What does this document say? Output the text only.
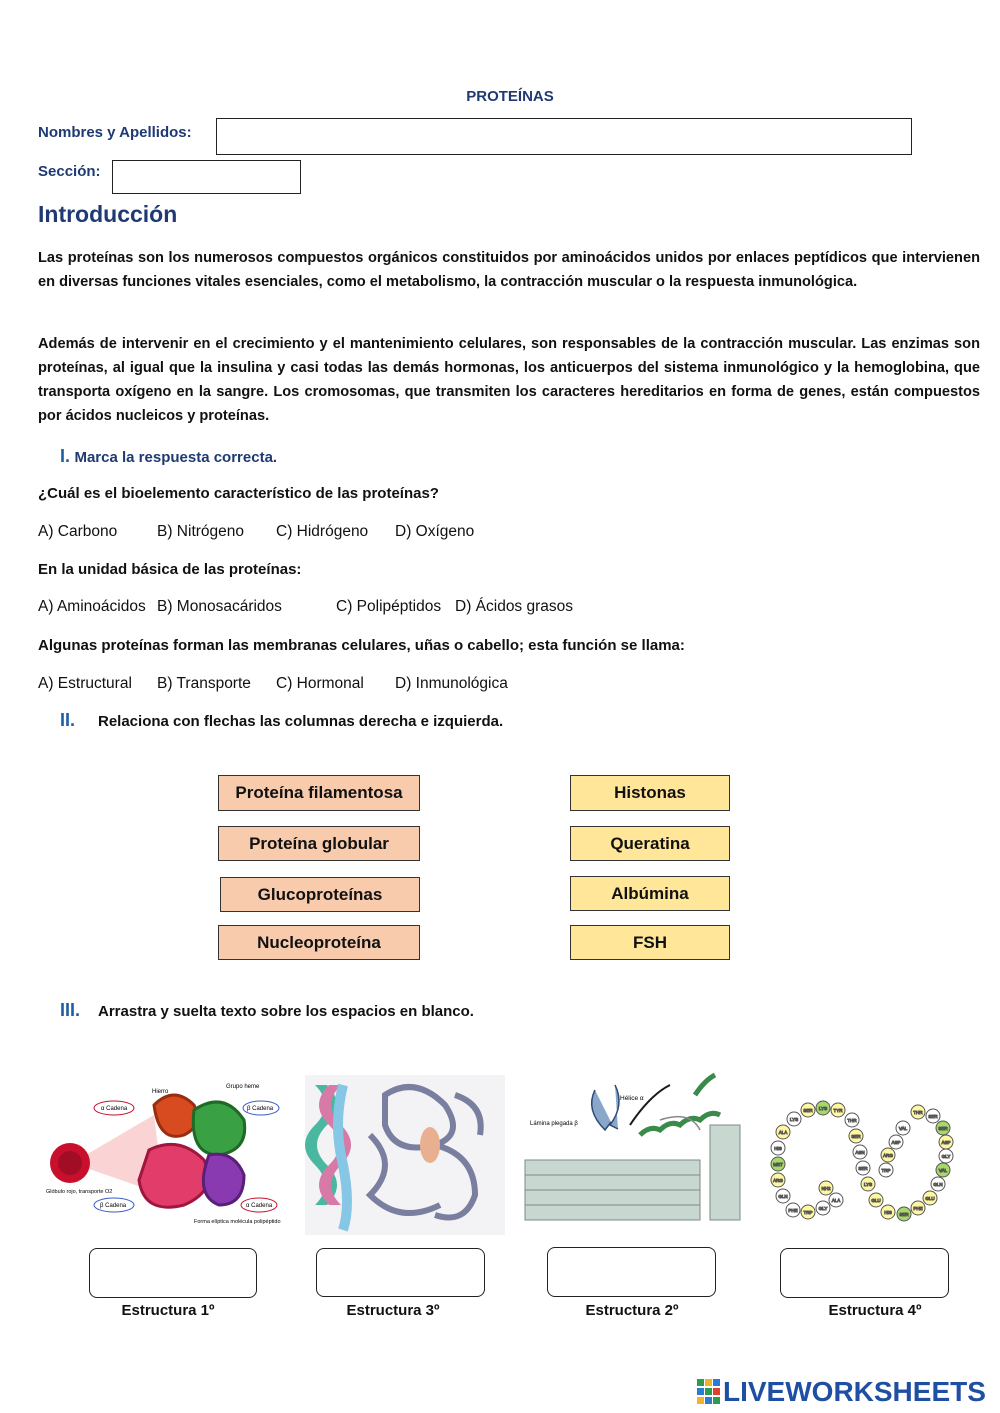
PROTEÍNAS
Nombres y Apellidos:
Sección:
Introducción
Las proteínas son los numerosos compuestos orgánicos constituidos por aminoácidos unidos por enlaces peptídicos que intervienen en diversas funciones vitales esenciales, como el metabolismo, la contracción muscular o la respuesta inmunológica.
Además de intervenir en el crecimiento y el mantenimiento celulares, son responsables de la contracción muscular. Las enzimas son proteínas, al igual que la insulina y casi todas las demás hormonas, los anticuerpos del sistema inmunológico y la hemoglobina, que transporta oxígeno en la sangre. Los cromosomas, que transmiten los caracteres hereditarios en forma de genes, están compuestos por ácidos nucleicos y proteínas.
I. Marca la respuesta correcta.
¿Cuál es el bioelemento característico de las proteínas?
A) Carbono	B) Nitrógeno C) Hidrógeno D) Oxígeno
En la unidad básica de las proteínas:
A) Aminoácidos B) Monosacáridos	C) Polipéptidos D) Ácidos grasos
Algunas proteínas forman las membranas celulares, uñas o cabello; esta función se llama:
A) Estructural B) Transporte C) Hormonal D) Inmunológica
II. Relaciona con flechas las columnas derecha e izquierda.
Proteína filamentosa
Proteína globular
Glucoproteínas
Nucleoproteína
Histonas
Queratina
Albúmina
FSH
III. Arrastra y suelta texto sobre los espacios en blanco.
Hierro
Grupo heme
α Cadena	β Cadena
β Cadena	α Cadena
Glóbulo rojo, transporte O2
Forma elíptica molécula polipéptido
Hélice α
Lámina plegada β
SER LYS TYR
LYS	THR
ALA
SER
HIS
ASN
MET
SER
ARG
LYS
GLN
GLU
PHE	HIS
TRP	SER
GLY	PHE
ALA	GLU
GLN
VAL
GLY
ASP
SER
SER
ASP
ARG
TRP
NH2
THR
VAL
Estructura 1º	Estructura 3º	Estructura 2º	Estructura 4º
LIVEWORKSHEETS
